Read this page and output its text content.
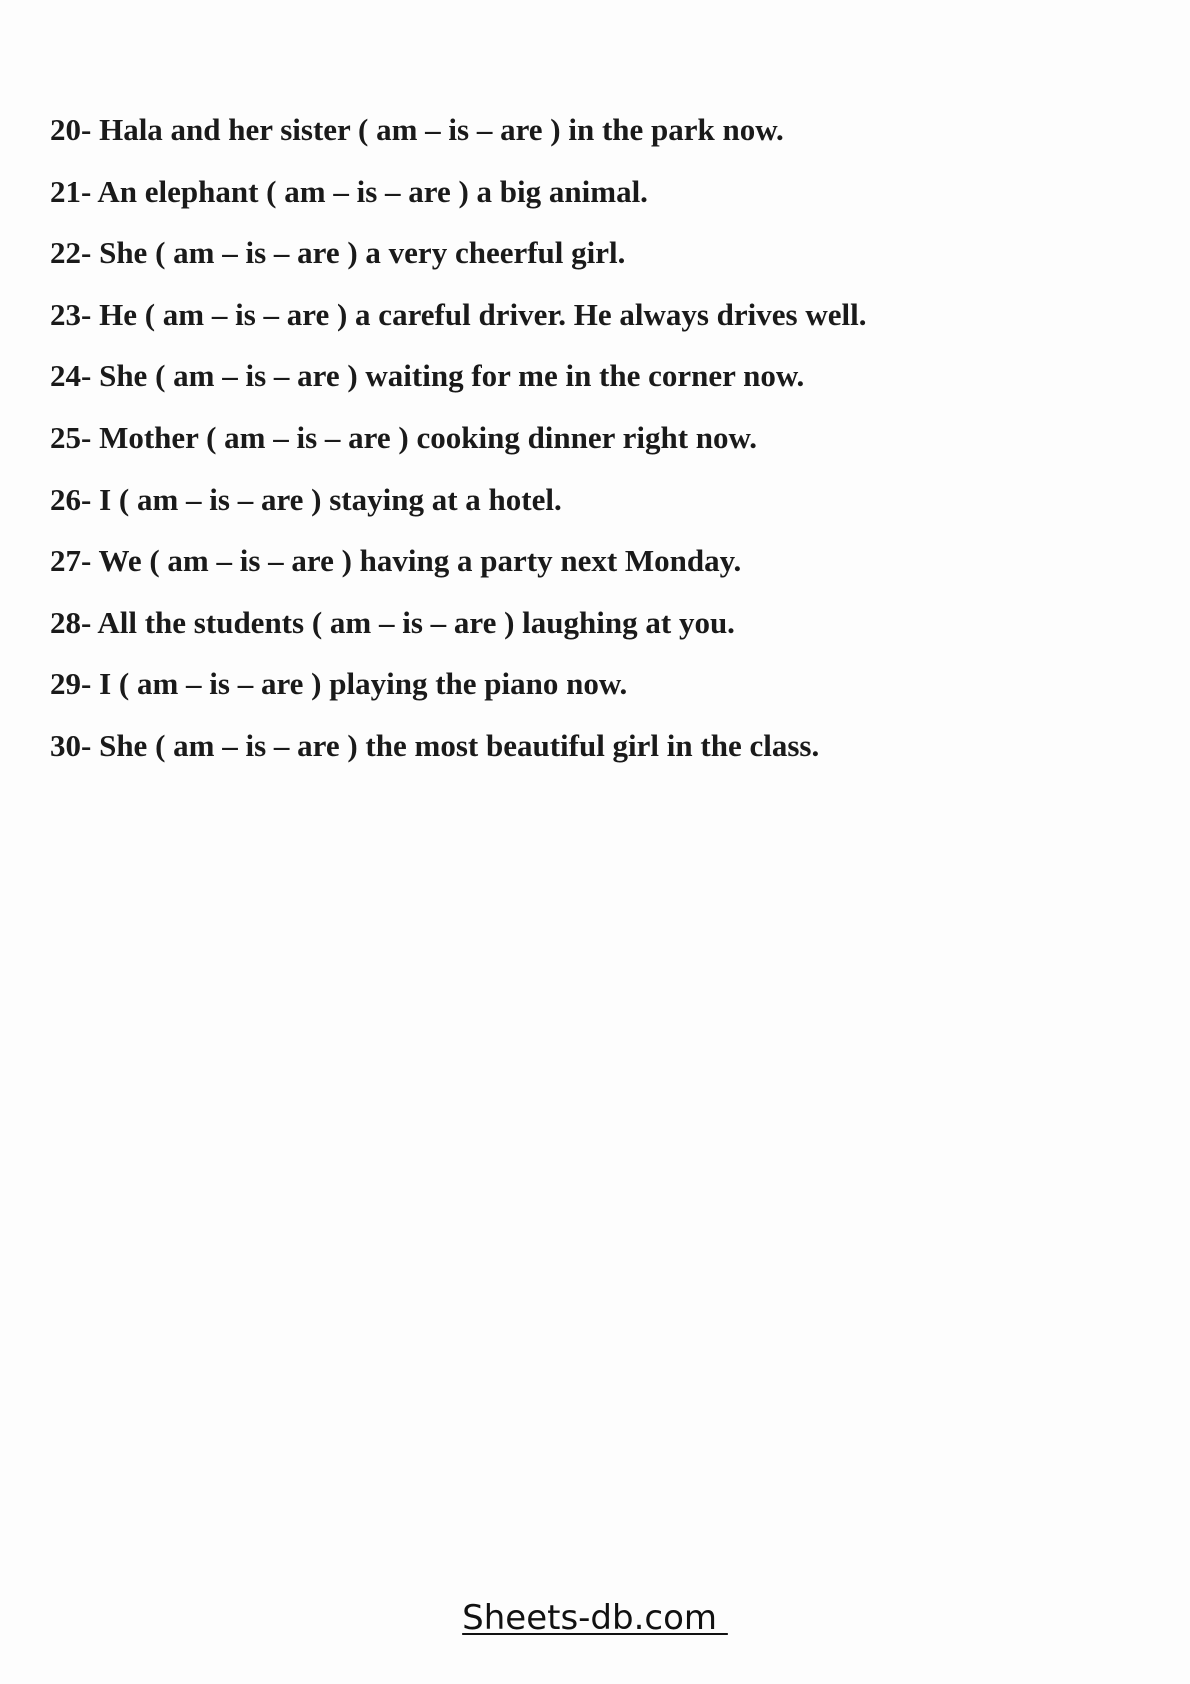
20- Hala and her sister ( am – is – are ) in the park now.
21- An elephant ( am – is – are ) a big animal.
22- She ( am – is – are ) a very cheerful girl.
23- He ( am – is – are ) a careful driver. He always drives well.
24- She ( am – is – are ) waiting for me in the corner now.
25- Mother ( am – is – are ) cooking dinner right now.
26- I ( am – is – are ) staying at a hotel.
27- We ( am – is – are ) having a party next Monday.
28- All the students ( am – is – are ) laughing at you.
29- I ( am – is – are ) playing the piano now.
30- She ( am – is – are ) the most beautiful girl in the class.
Sheets-db.com
